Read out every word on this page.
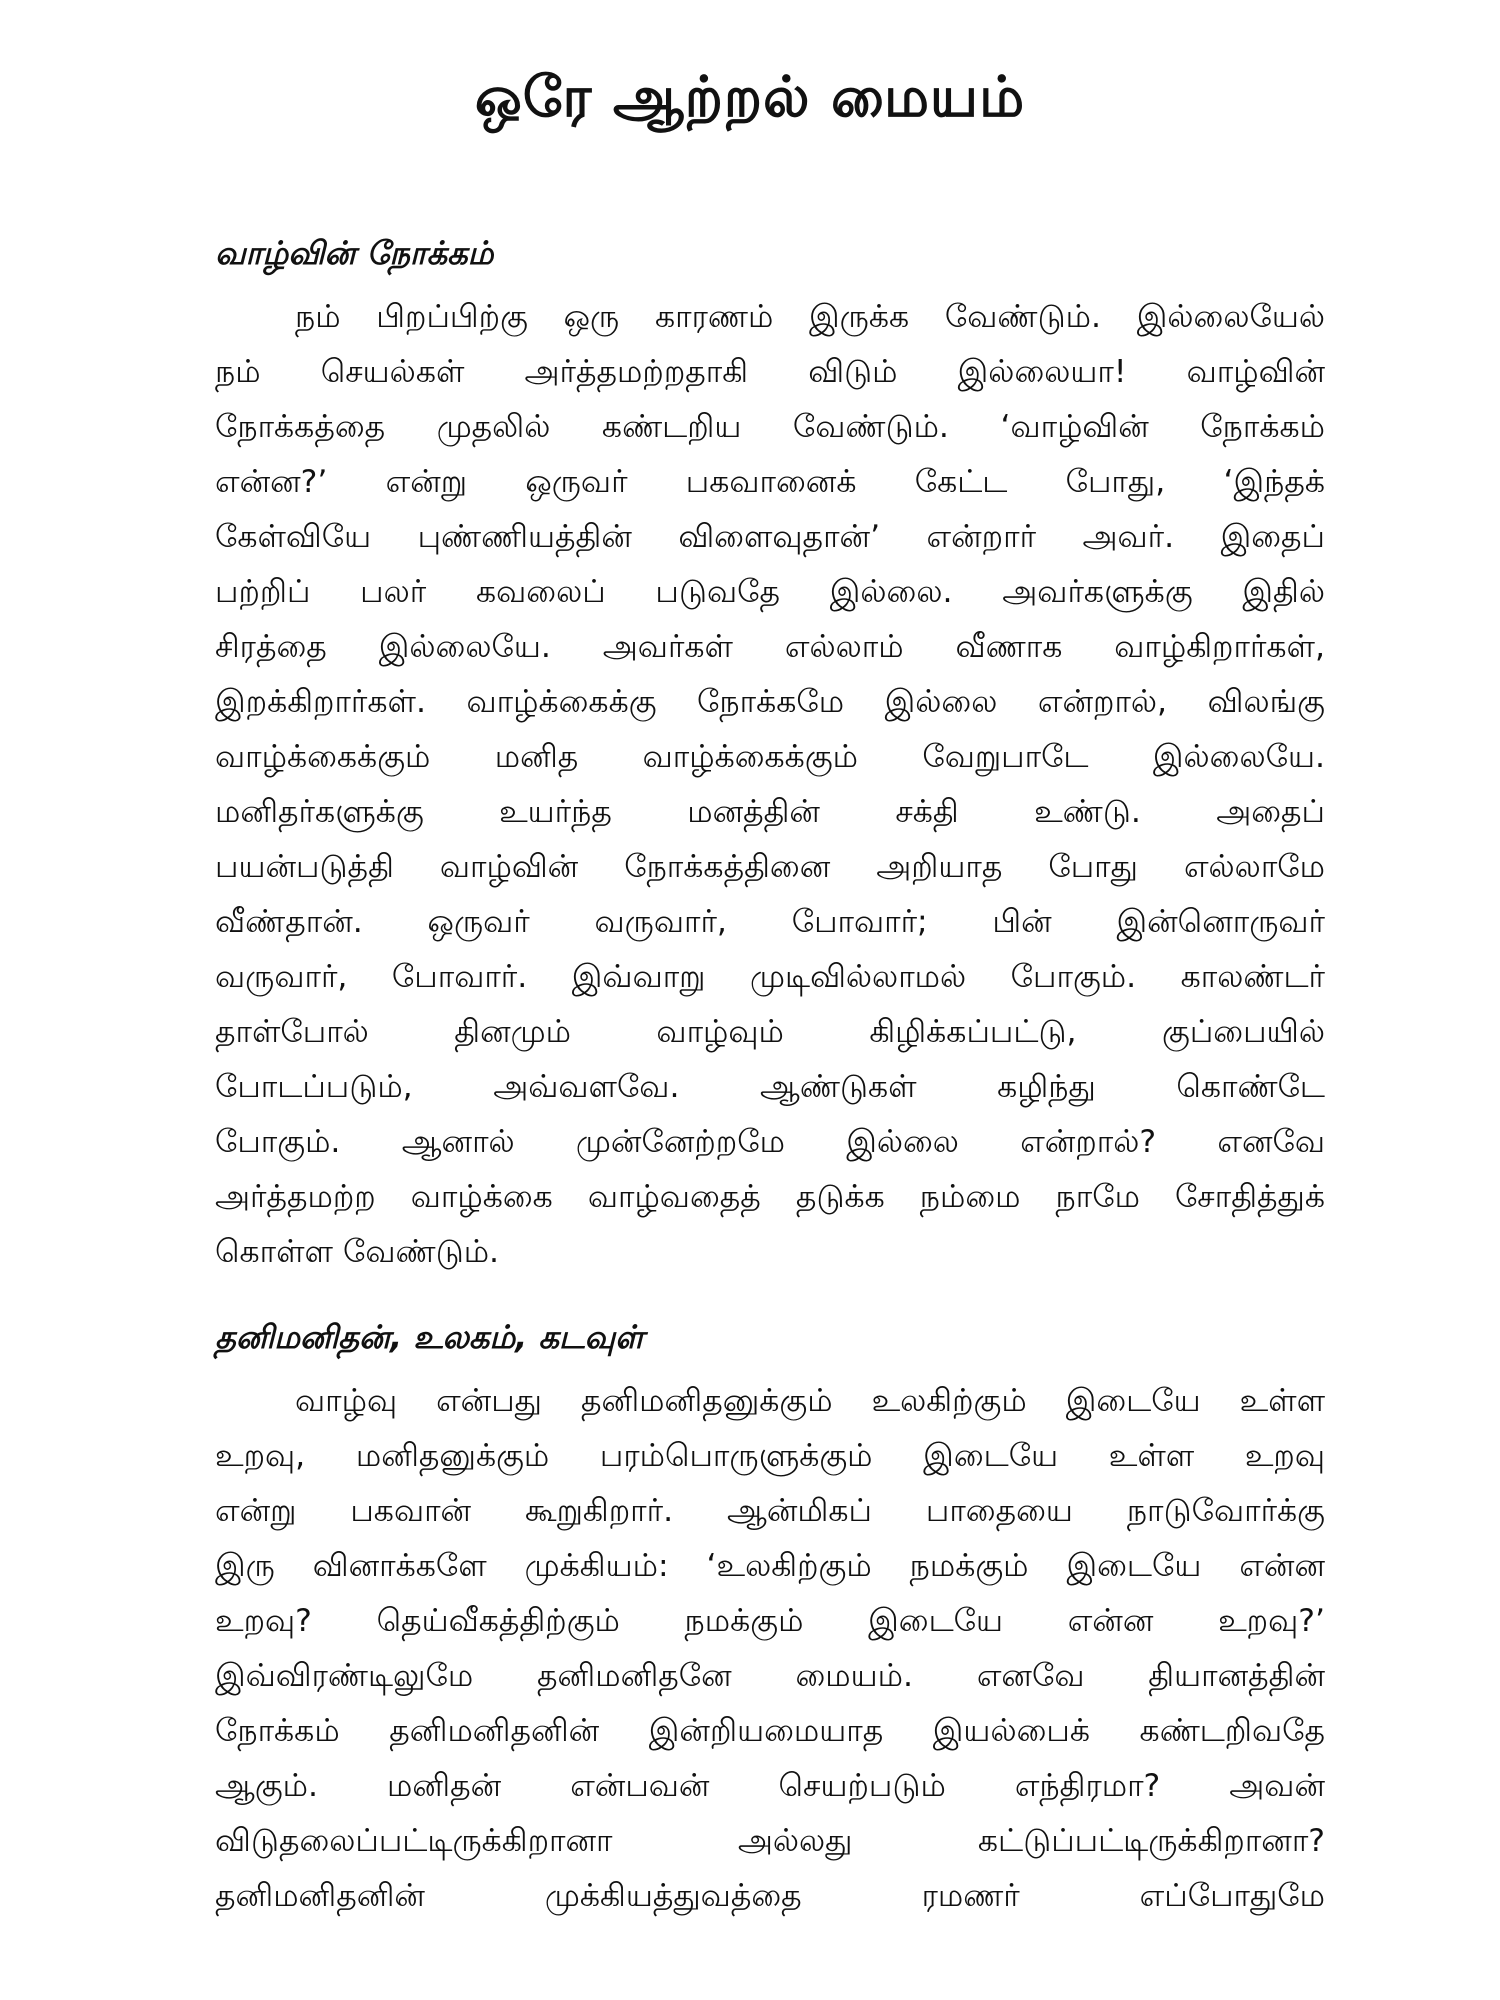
ஒரே ஆற்றல் மையம்
வாழ்வின் நோக்கம்
நம் பிறப்பிற்கு ஒரு காரணம் இருக்க வேண்டும். இல்லையேல்
நம் செயல்கள் அர்த்தமற்றதாகி விடும் இல்லையா! வாழ்வின்
நோக்கத்தை முதலில் கண்டறிய வேண்டும். ‘வாழ்வின் நோக்கம்
என்ன?’ என்று ஒருவர் பகவானைக் கேட்ட போது, ‘இந்தக்
கேள்வியே புண்ணியத்தின் விளைவுதான்’ என்றார் அவர். இதைப்
பற்றிப் பலர் கவலைப் படுவதே இல்லை. அவர்களுக்கு இதில்
சிரத்தை இல்லையே. அவர்கள் எல்லாம் வீணாக வாழ்கிறார்கள்,
இறக்கிறார்கள். வாழ்க்கைக்கு நோக்கமே இல்லை என்றால், விலங்கு
வாழ்க்கைக்கும் மனித வாழ்க்கைக்கும் வேறுபாடே இல்லையே.
மனிதர்களுக்கு உயர்ந்த மனத்தின் சக்தி உண்டு. அதைப்
பயன்படுத்தி வாழ்வின் நோக்கத்தினை அறியாத போது எல்லாமே
வீண்தான். ஒருவர் வருவார், போவார்; பின் இன்னொருவர்
வருவார், போவார். இவ்வாறு முடிவில்லாமல் போகும். காலண்டர்
தாள்போல் தினமும் வாழ்வும் கிழிக்கப்பட்டு, குப்பையில்
போடப்படும், அவ்வளவே. ஆண்டுகள் கழிந்து கொண்டே
போகும். ஆனால் முன்னேற்றமே இல்லை என்றால்? எனவே
அர்த்தமற்ற வாழ்க்கை வாழ்வதைத் தடுக்க நம்மை நாமே சோதித்துக்
கொள்ள வேண்டும்.
தனிமனிதன், உலகம், கடவுள்
வாழ்வு என்பது தனிமனிதனுக்கும் உலகிற்கும் இடையே உள்ள
உறவு, மனிதனுக்கும் பரம்பொருளுக்கும் இடையே உள்ள உறவு
என்று பகவான் கூறுகிறார். ஆன்மிகப் பாதையை நாடுவோர்க்கு
இரு வினாக்களே முக்கியம்: ‘உலகிற்கும் நமக்கும் இடையே என்ன
உறவு? தெய்வீகத்திற்கும் நமக்கும் இடையே என்ன உறவு?’
இவ்விரண்டிலுமே தனிமனிதனே மையம். எனவே தியானத்தின்
நோக்கம் தனிமனிதனின் இன்றியமையாத இயல்பைக் கண்டறிவதே
ஆகும். மனிதன் என்பவன் செயற்படும் எந்திரமா? அவன்
விடுதலைப்பட்டிருக்கிறானா அல்லது கட்டுப்பட்டிருக்கிறானா?
தனிமனிதனின் முக்கியத்துவத்தை ரமணர் எப்போதுமே
